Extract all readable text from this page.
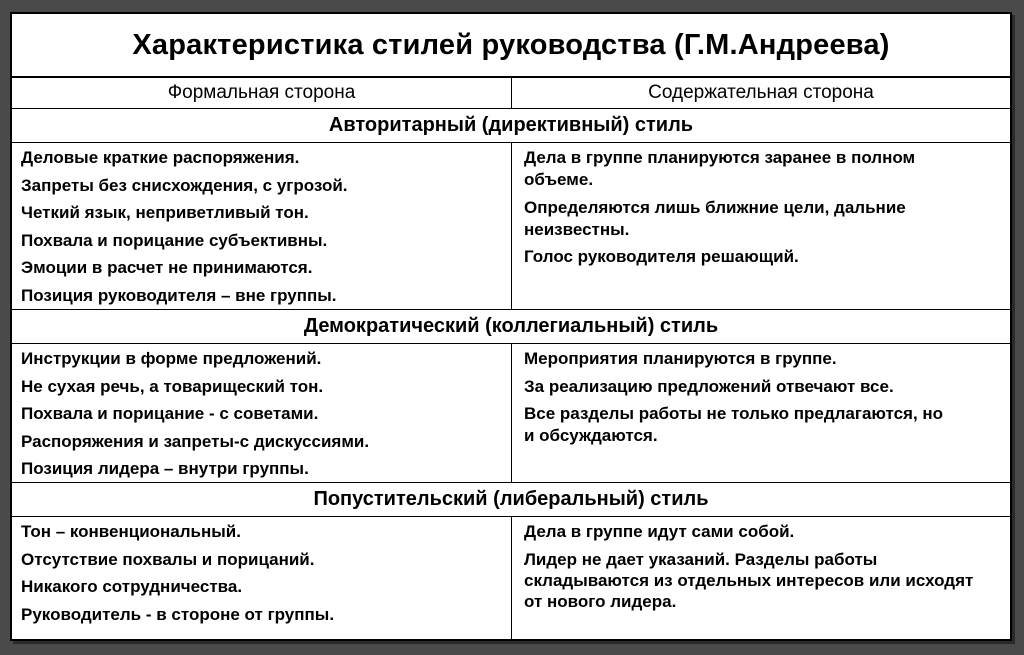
Характеристика стилей руководства (Г.М.Андреева)
Формальная сторона	Содержательная сторона
Авторитарный (директивный) стиль
Деловые краткие распоряжения.
Запреты без снисхождения, с угрозой.
Четкий язык, неприветливый тон.
Похвала и порицание субъективны.
Эмоции в расчет не принимаются.
Позиция руководителя – вне группы.
Дела в группе планируются заранее в полном объеме.
Определяются лишь ближние цели, дальние неизвестны.
Голос руководителя решающий.
Демократический (коллегиальный) стиль
Инструкции в форме предложений.
Не сухая речь, а товарищеский тон.
Похвала и порицание - с советами.
Распоряжения и запреты-с дискуссиями.
Позиция лидера – внутри группы.
Мероприятия планируются в группе.
За реализацию предложений отвечают все.
Все разделы работы не только предлагаются, но и обсуждаются.
Попустительский (либеральный) стиль
Тон – конвенциональный.
Отсутствие похвалы и порицаний.
Никакого сотрудничества.
Руководитель - в стороне от группы.
Дела в группе идут сами собой.
Лидер не дает указаний. Разделы работы складываются из отдельных интересов или исходят от нового лидера.
